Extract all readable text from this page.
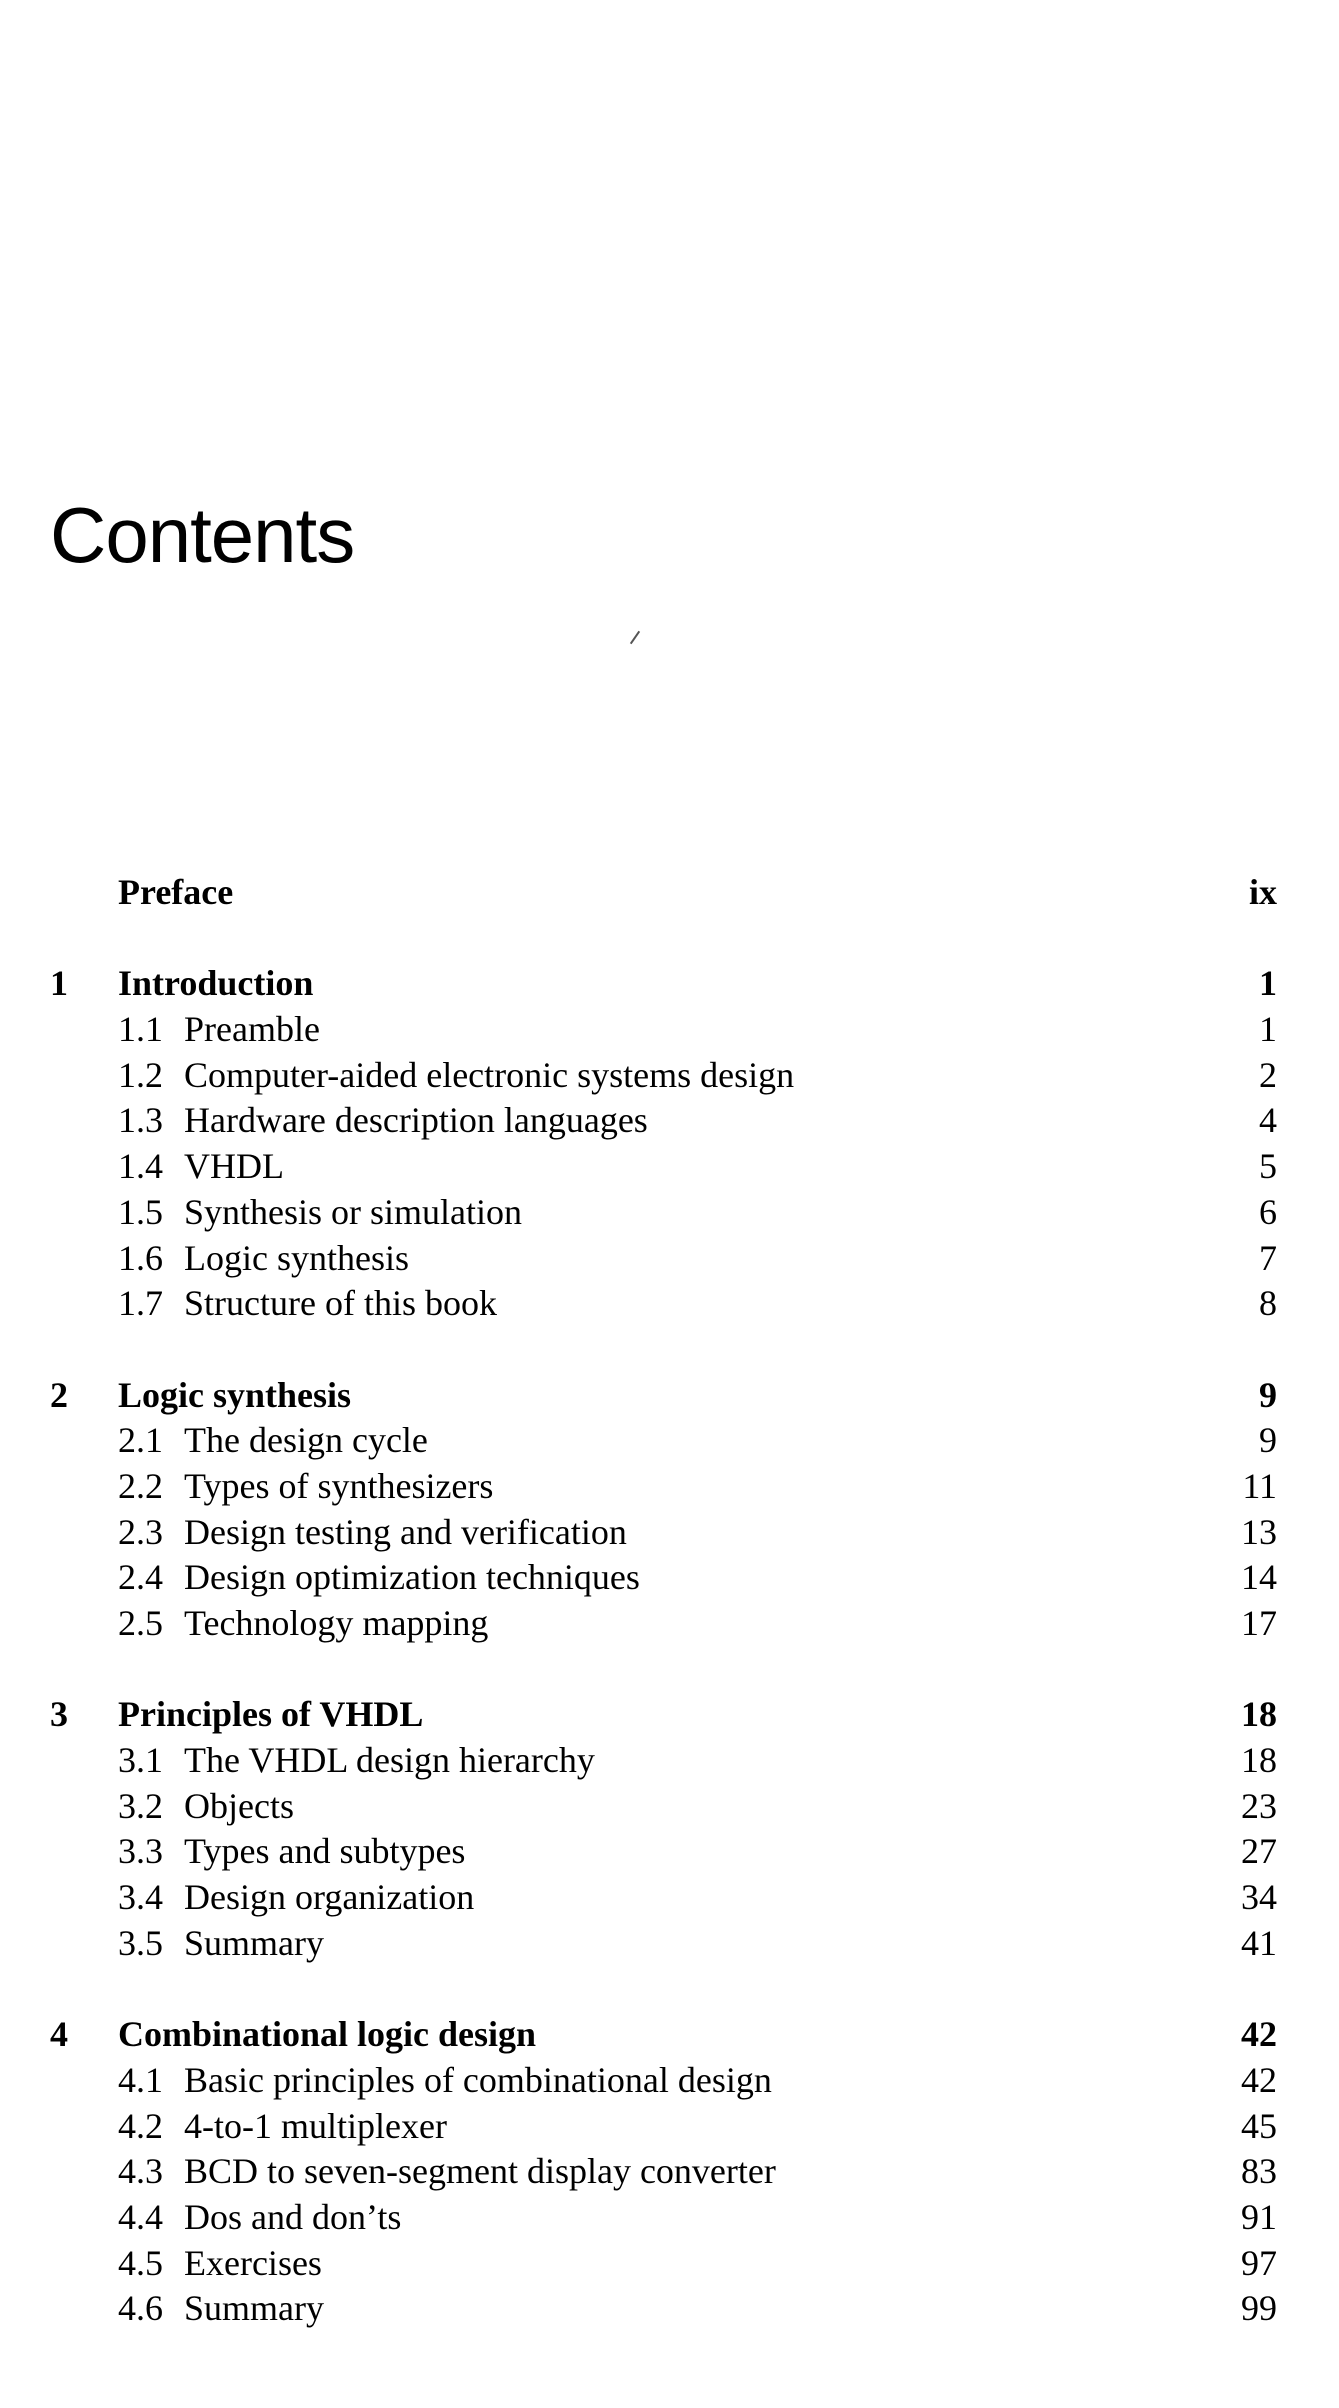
Contents
Preface	ix
1 Introduction	1
1.1 Preamble	1
1.2 Computer-aided electronic systems design	2
1.3 Hardware description languages	4
1.4 VHDL	5
1.5 Synthesis or simulation	6
1.6 Logic synthesis	7
1.7 Structure of this book	8
2 Logic synthesis	9
2.1 The design cycle	9
2.2 Types of synthesizers	11
2.3 Design testing and verification	13
2.4 Design optimization techniques	14
2.5 Technology mapping	17
3 Principles of VHDL	18
3.1 The VHDL design hierarchy	18
3.2 Objects	23
3.3 Types and subtypes	27
3.4 Design organization	34
3.5 Summary	41
4 Combinational logic design	42
4.1 Basic principles of combinational design	42
4.2 4-to-1 multiplexer	45
4.3 BCD to seven-segment display converter	83
4.4 Dos and don’ts	91
4.5 Exercises	97
4.6 Summary	99
